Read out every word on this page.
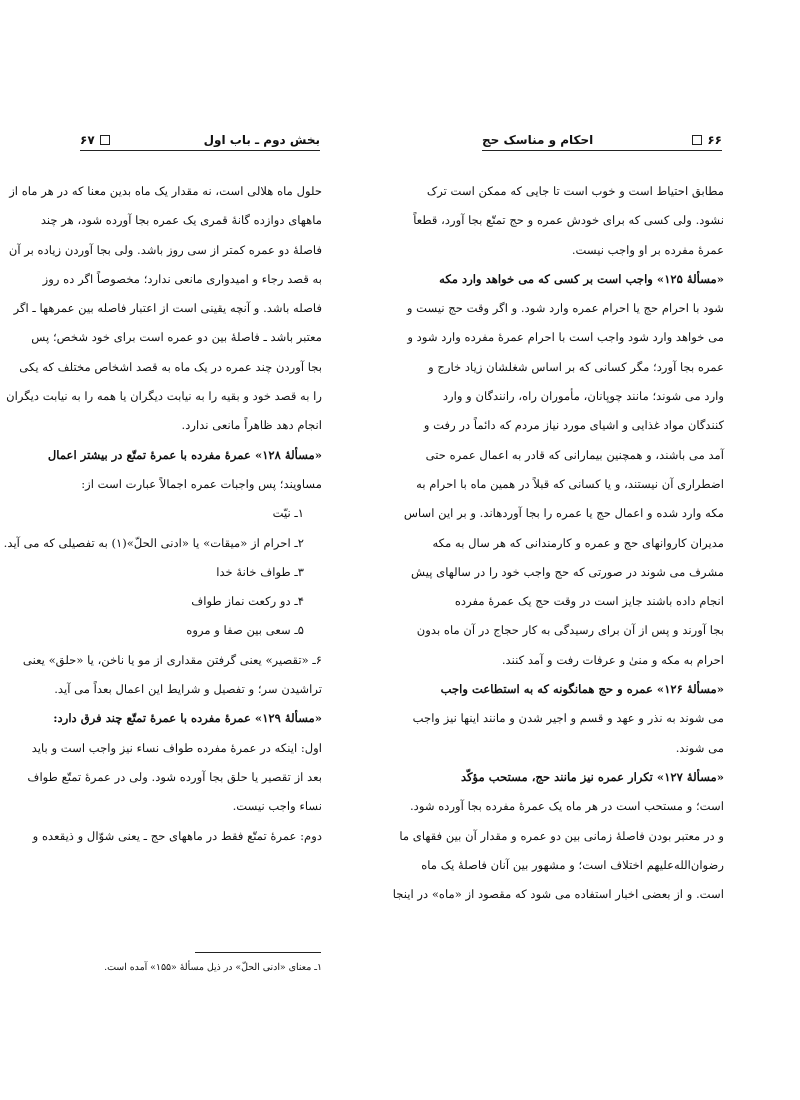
۶۷	بخش دوم ـ باب اول
حلول ماه هلالی است، نه مقدار یک ماه بدین معنا که در هر ماه از
ماههای دوازده گانهٔ قمری یک عمره بجا آورده شود، هر چند
فاصلهٔ دو عمره کمتر از سی روز باشد. ولی بجا آوردن زیاده بر آن
به قصد رجاء و امیدواری مانعی ندارد؛ مخصوصاً اگر ده روز
فاصله باشد. و آنچه یقینی است از اعتبار فاصله بین عمرهها ـ اگر
معتبر باشد ـ فاصلهٔ بین دو عمره است برای خود شخص؛ پس
بجا آوردن چند عمره در یک ماه به قصد اشخاص مختلف که یکی
را به قصد خود و بقیه را به نیابت دیگران یا همه را به نیابت دیگران
انجام دهد ظاهراً مانعی ندارد.
«مسألهٔ ۱۲۸» عمرهٔ مفرده با عمرهٔ تمتّع در بیشتر اعمال
مساویند؛ پس واجبات عمره اجمالاً عبارت است از:
۱ـ نیّت
۲ـ احرام از «میقات» یا «ادنی الحلّ»(۱) به تفصیلی که می آید.
۳ـ طواف خانهٔ خدا
۴ـ دو رکعت نماز طواف
۵ـ سعی بین صفا و مروه
۶ـ «تقصیر» یعنی گرفتن مقداری از مو یا ناخن، یا «حلق» یعنی
تراشیدن سر؛ و تفصیل و شرایط این اعمال بعداً می آید.
«مسألهٔ ۱۲۹» عمرهٔ مفرده با عمرهٔ تمتّع چند فرق دارد:
اول: اینکه در عمرهٔ مفرده طواف نساء نیز واجب است و باید
بعد از تقصیر یا حلق بجا آورده شود. ولی در عمرهٔ تمتّع طواف
نساء واجب نیست.
دوم: عمرهٔ تمتّع فقط در ماههای حج ـ یعنی شوّال و ذیقعده و
۱ـ معنای «ادنی الحلّ» در ذیل مسألهٔ «۱۵۵» آمده است.
احکام و مناسک حج	۶۶
مطابق احتیاط است و خوب است تا جایی که ممکن است ترک
نشود. ولی کسی که برای خودش عمره و حج تمتّع بجا آورد، قطعاً
عمرهٔ مفرده بر او واجب نیست.
«مسألهٔ ۱۲۵» واجب است بر کسی که می خواهد وارد مکه
شود با احرام حج یا احرام عمره وارد شود. و اگر وقت حج نیست و
می خواهد وارد شود واجب است با احرام عمرهٔ مفرده وارد شود و
عمره بجا آورد؛ مگر کسانی که بر اساس شغلشان زیاد خارج و
وارد می شوند؛ مانند چوپانان، مأموران راه، رانندگان و وارد
کنندگان مواد غذایی و اشیای مورد نیاز مردم که دائماً در رفت و
آمد می باشند، و همچنین بیمارانی که قادر به اعمال عمره حتی
اضطراری آن نیستند، و یا کسانی که قبلاً در همین ماه با احرام به
مکه وارد شده و اعمال حج یا عمره را بجا آوردهاند. و بر این اساس
مدیران کاروانهای حج و عمره و کارمندانی که هر سال به مکه
مشرف می شوند در صورتی که حج واجب خود را در سالهای پیش
انجام داده باشند جایز است در وقت حج یک عمرهٔ مفرده
بجا آورند و پس از آن برای رسیدگی به کار حجاج در آن ماه بدون
احرام به مکه و منیٰ و عرفات رفت و آمد کنند.
«مسألهٔ ۱۲۶» عمره و حج همانگونه که به استطاعت واجب
می شوند به نذر و عهد و قسم و اجیر شدن و مانند اینها نیز واجب
می شوند.
«مسألهٔ ۱۲۷» تکرار عمره نیز مانند حج، مستحب مؤکّد
است؛ و مستحب است در هر ماه یک عمرهٔ مفرده بجا آورده شود.
و در معتبر بودن فاصلهٔ زمانی بین دو عمره و مقدار آن بین فقهای ما
رضوان‌الله‌علیهم اختلاف است؛ و مشهور بین آنان فاصلهٔ یک ماه
است. و از بعضی اخبار استفاده می شود که مقصود از «ماه» در اینجا
